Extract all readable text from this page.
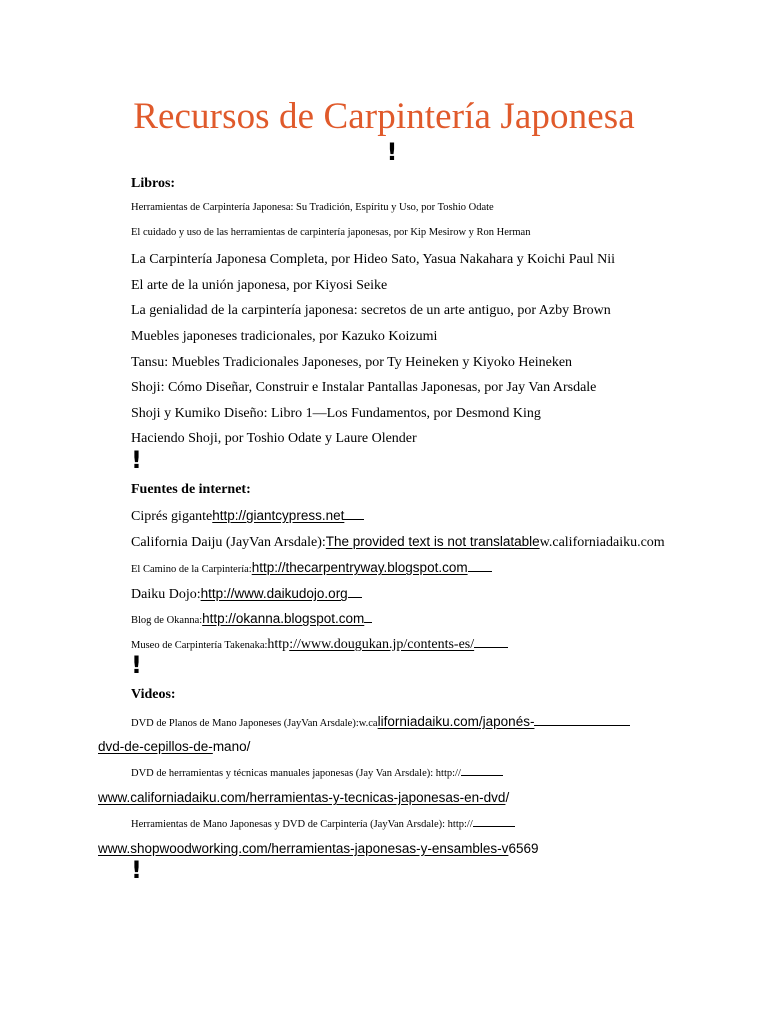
Recursos de Carpintería Japonesa
!
Libros:
Herramientas de Carpintería Japonesa: Su Tradición, Espíritu y Uso, por Toshio Odate
El cuidado y uso de las herramientas de carpintería japonesas, por Kip Mesirow y Ron Herman
La Carpintería Japonesa Completa, por Hideo Sato, Yasua Nakahara y Koichi Paul Nii
El arte de la unión japonesa, por Kiyosi Seike
La genialidad de la carpintería japonesa: secretos de un arte antiguo, por Azby Brown
Muebles japoneses tradicionales, por Kazuko Koizumi
Tansu: Muebles Tradicionales Japoneses, por Ty Heineken y Kiyoko Heineken
Shoji: Cómo Diseñar, Construir e Instalar Pantallas Japonesas, por Jay Van Arsdale
Shoji y Kumiko Diseño: Libro 1—Los Fundamentos, por Desmond King
Haciendo Shoji, por Toshio Odate y Laure Olender
!
Fuentes de internet:
Ciprés gigantehttp://giantcypress.net
California Daiju (JayVan Arsdale):The provided text is not translatablew.californiadaiku.com
El Camino de la Carpintería:http://thecarpentryway.blogspot.com
Daiku Dojo:http://www.daikudojo.org
Blog de Okanna:http://okanna.blogspot.com
Museo de Carpintería Takenaka:http://www.dougukan.jp/contents-es/
!
Videos:
DVD de Planos de Mano Japoneses (JayVan Arsdale):w.californiadaiku.com/japonés-
dvd-de-cepillos-de-mano/
DVD de herramientas y técnicas manuales japonesas (Jay Van Arsdale): http://
www.californiadaiku.com/herramientas-y-tecnicas-japonesas-en-dvd/
Herramientas de Mano Japonesas y DVD de Carpintería (JayVan Arsdale): http://
www.shopwoodworking.com/herramientas-japonesas-y-ensambles-v6569
!
